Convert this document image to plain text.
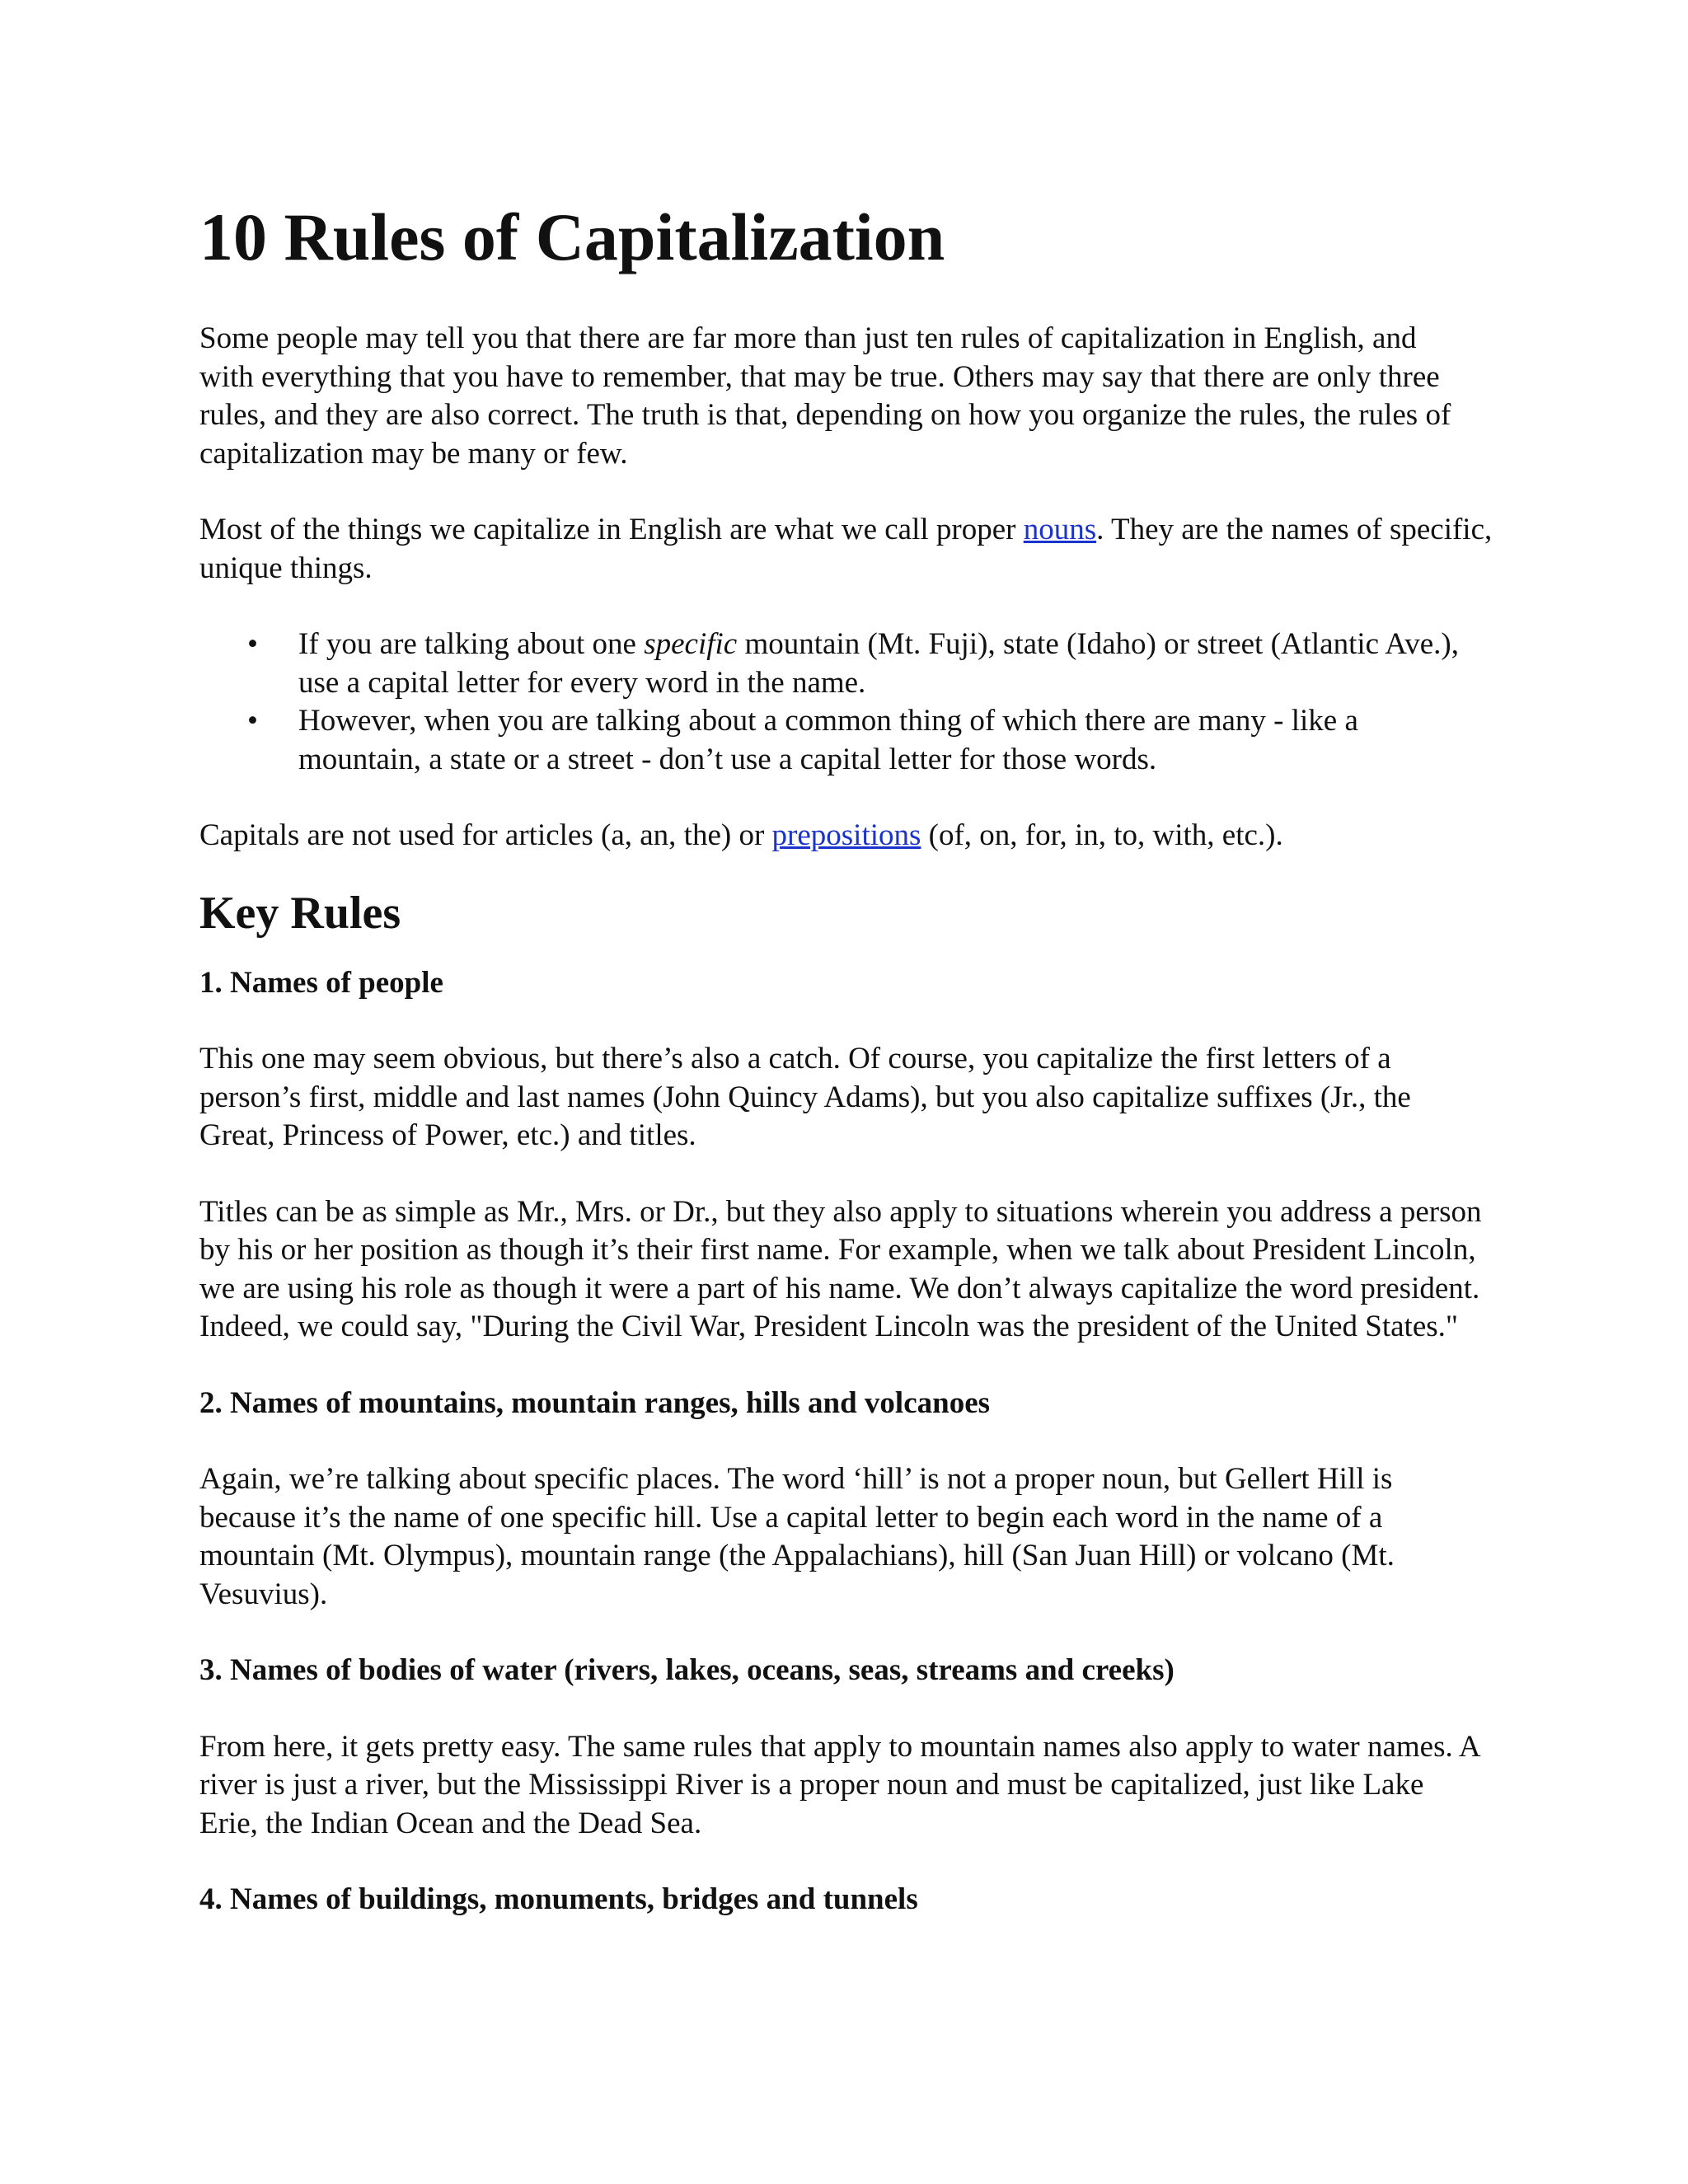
10 Rules of Capitalization

Some people may tell you that there are far more than just ten rules of capitalization in English, and with everything that you have to remember, that may be true. Others may say that there are only three rules, and they are also correct. The truth is that, depending on how you organize the rules, the rules of capitalization may be many or few.

Most of the things we capitalize in English are what we call proper nouns. They are the names of specific, unique things.

• If you are talking about one specific mountain (Mt. Fuji), state (Idaho) or street (Atlantic Ave.), use a capital letter for every word in the name.
• However, when you are talking about a common thing of which there are many - like a mountain, a state or a street - don’t use a capital letter for those words.

Capitals are not used for articles (a, an, the) or prepositions (of, on, for, in, to, with, etc.).

Key Rules

1. Names of people

This one may seem obvious, but there’s also a catch. Of course, you capitalize the first letters of a person’s first, middle and last names (John Quincy Adams), but you also capitalize suffixes (Jr., the Great, Princess of Power, etc.) and titles.

Titles can be as simple as Mr., Mrs. or Dr., but they also apply to situations wherein you address a person by his or her position as though it’s their first name. For example, when we talk about President Lincoln, we are using his role as though it were a part of his name. We don’t always capitalize the word president. Indeed, we could say, "During the Civil War, President Lincoln was the president of the United States."

2. Names of mountains, mountain ranges, hills and volcanoes

Again, we’re talking about specific places. The word ‘hill’ is not a proper noun, but Gellert Hill is because it’s the name of one specific hill. Use a capital letter to begin each word in the name of a mountain (Mt. Olympus), mountain range (the Appalachians), hill (San Juan Hill) or volcano (Mt. Vesuvius).

3. Names of bodies of water (rivers, lakes, oceans, seas, streams and creeks)

From here, it gets pretty easy. The same rules that apply to mountain names also apply to water names. A river is just a river, but the Mississippi River is a proper noun and must be capitalized, just like Lake Erie, the Indian Ocean and the Dead Sea.

4. Names of buildings, monuments, bridges and tunnels
